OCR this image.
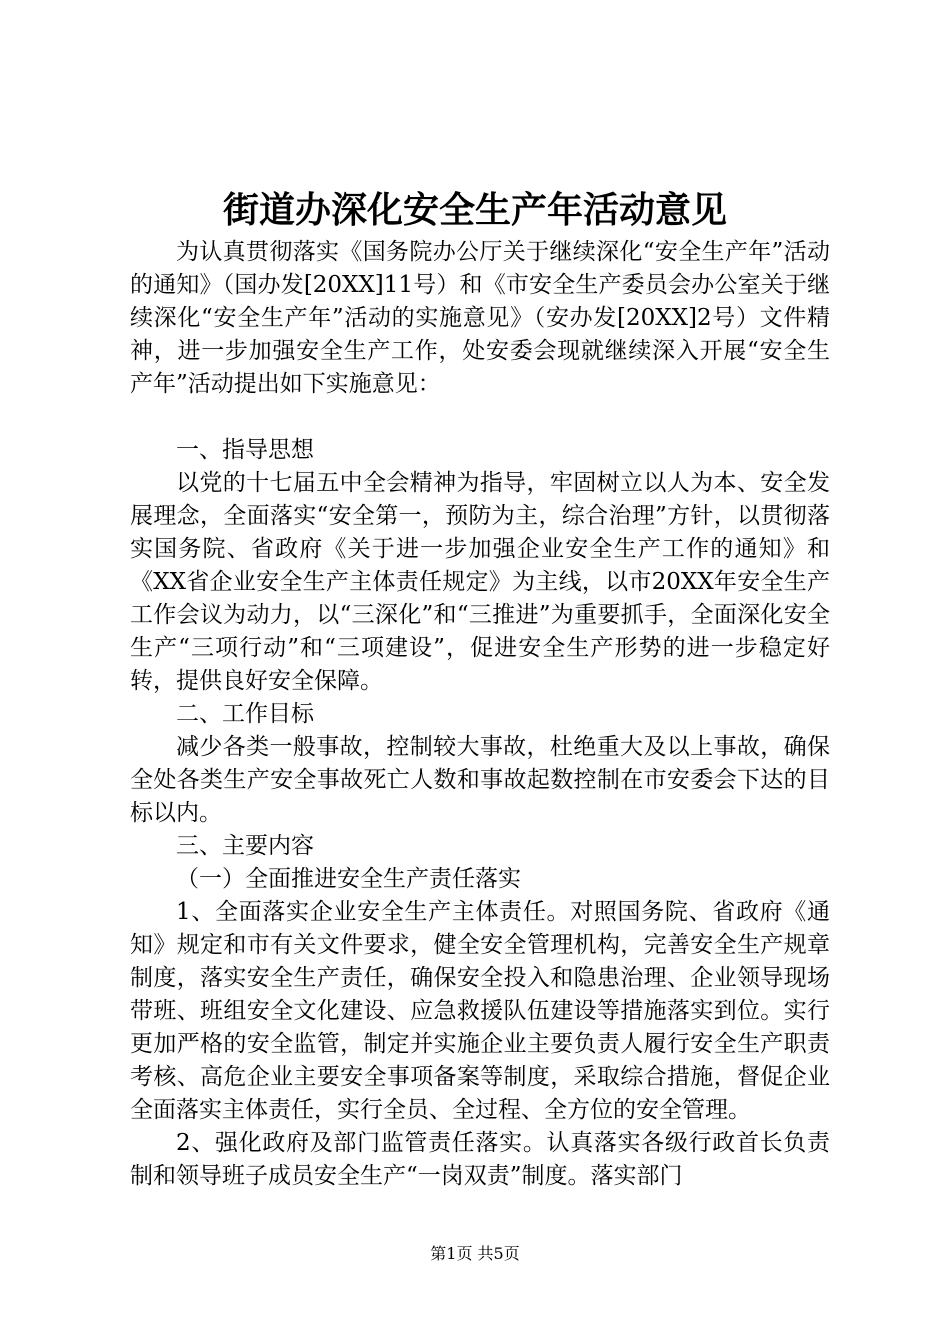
街道办深化安全生产年活动意见

为认真贯彻落实《国务院办公厅关于继续深化“安全生产年”活动的通知》（国办发[20XX]11号）和《市安全生产委员会办公室关于继续深化“安全生产年”活动的实施意见》（安办发[20XX]2号）文件精神，进一步加强安全生产工作，处安委会现就继续深入开展“安全生产年”活动提出如下实施意见：

一、指导思想

以党的十七届五中全会精神为指导，牢固树立以人为本、安全发展理念，全面落实“安全第一，预防为主，综合治理”方针，以贯彻落实国务院、省政府《关于进一步加强企业安全生产工作的通知》和《XX省企业安全生产主体责任规定》为主线，以市20XX年安全生产工作会议为动力，以“三深化”和“三推进”为重要抓手，全面深化安全生产“三项行动”和“三项建设”，促进安全生产形势的进一步稳定好转，提供良好安全保障。

二、工作目标

减少各类一般事故，控制较大事故，杜绝重大及以上事故，确保全处各类生产安全事故死亡人数和事故起数控制在市安委会下达的目标以内。

三、主要内容

（一）全面推进安全生产责任落实

1、全面落实企业安全生产主体责任。对照国务院、省政府《通知》规定和市有关文件要求，健全安全管理机构，完善安全生产规章制度，落实安全生产责任，确保安全投入和隐患治理、企业领导现场带班、班组安全文化建设、应急救援队伍建设等措施落实到位。实行更加严格的安全监管，制定并实施企业主要负责人履行安全生产职责考核、高危企业主要安全事项备案等制度，采取综合措施，督促企业全面落实主体责任，实行全员、全过程、全方位的安全管理。

2、强化政府及部门监管责任落实。认真落实各级行政首长负责制和领导班子成员安全生产“一岗双责”制度。落实部门

第1页 共5页
